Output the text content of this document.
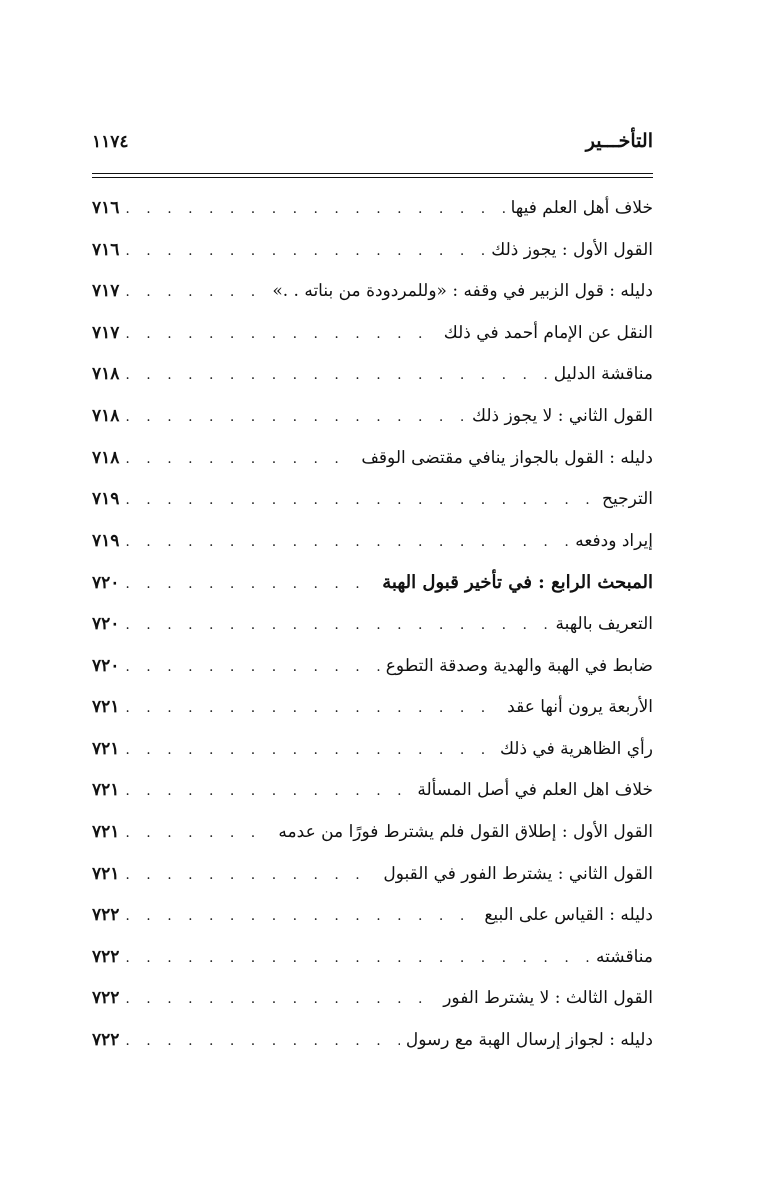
التأخـــير
١١٧٤
خلاف أهل العلم فيها
. . .
٧١٦
القول الأول : يجوز ذلك
. . .
٧١٦
دليله : قول الزبير في وقفه : «وللمردودة من بناته . .»
. . .
٧١٧
النقل عن الإمام أحمد في ذلك
. . .
٧١٧
مناقشة الدليل
. . .
٧١٨
القول الثاني : لا يجوز ذلك
. . .
٧١٨
دليله : القول بالجواز ينافي مقتضى الوقف
. . .
٧١٨
الترجيح
. . .
٧١٩
إيراد ودفعه
. . .
٧١٩
المبحث الرابع : في تأخير قبول الهبة
. . .
٧٢٠
التعريف بالهبة
. . .
٧٢٠
ضابط في الهبة والهدية وصدقة التطوع
. . .
٧٢٠
الأربعة يرون أنها عقد
. . .
٧٢١
رأي الظاهرية في ذلك
. . .
٧٢١
خلاف اهل العلم في أصل المسألة
. . .
٧٢١
القول الأول : إطلاق القول فلم يشترط فورًا من عدمه
. . .
٧٢١
القول الثاني : يشترط الفور في القبول
. . .
٧٢١
دليله : القياس على البيع
. . .
٧٢٢
مناقشته
. . .
٧٢٢
القول الثالث : لا يشترط الفور
. . .
٧٢٢
دليله : لجواز إرسال الهبة مع رسول
. . .
٧٢٢
